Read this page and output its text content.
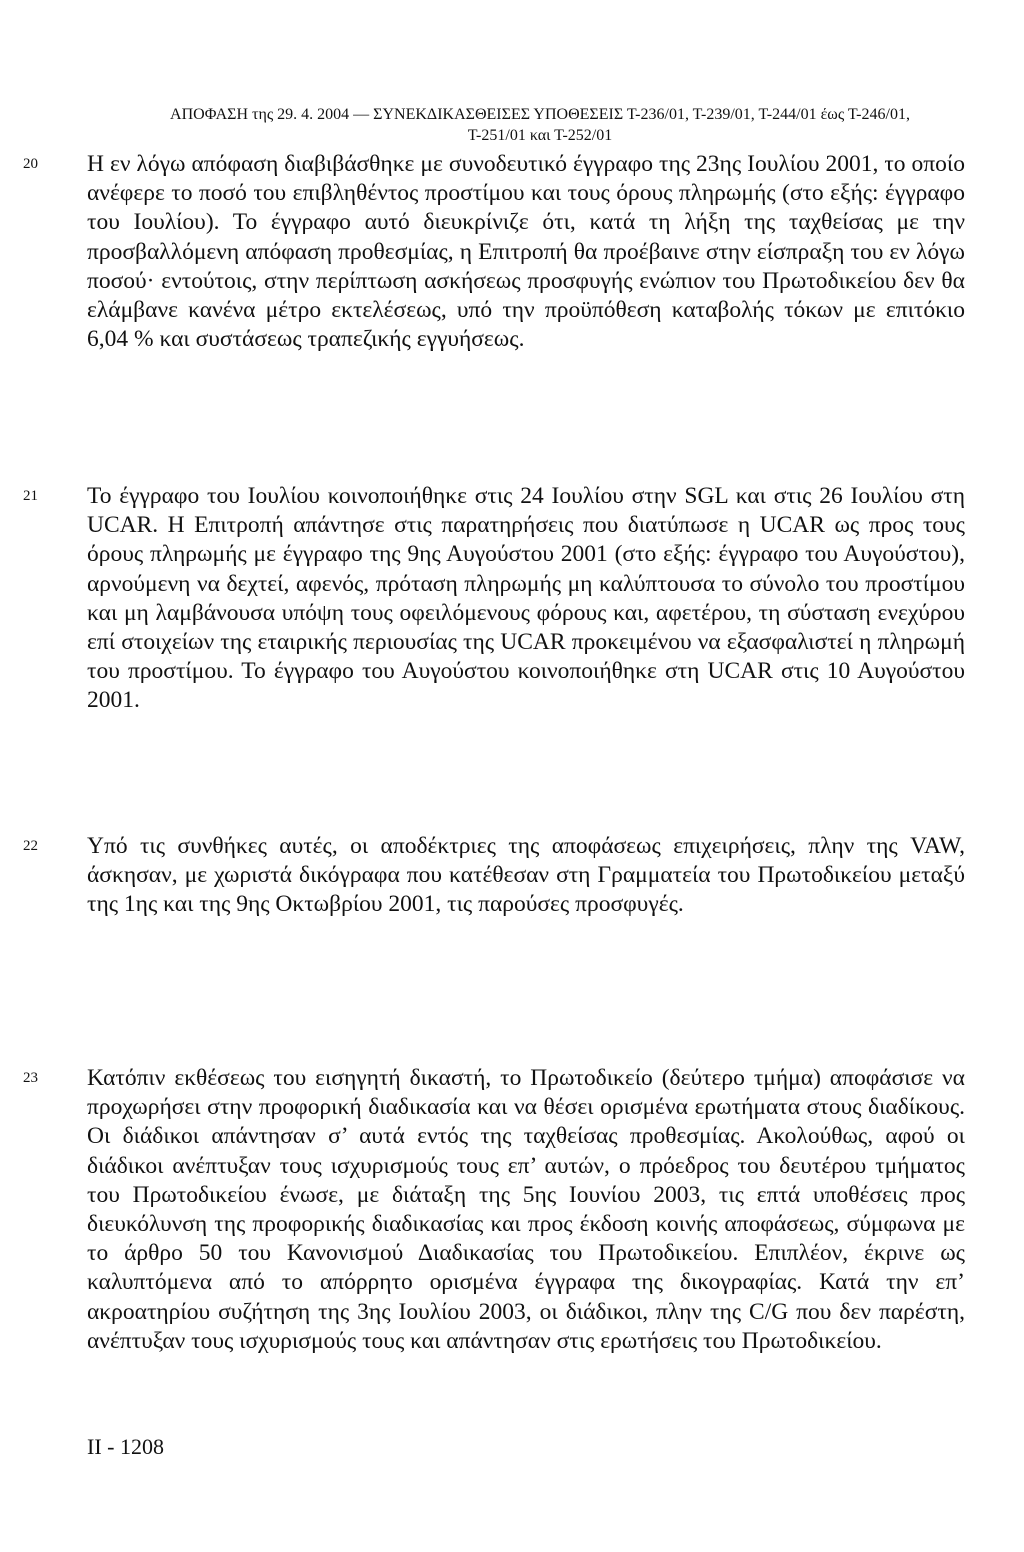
ΑΠΟΦΑΣΗ της 29. 4. 2004 — ΣΥΝΕΚΔΙΚΑΣΘΕΙΣΕΣ ΥΠΟΘΕΣΕΙΣ Τ-236/01, Τ-239/01, Τ-244/01 έως Τ-246/01,
Τ-251/01 και Τ-252/01
20 Η εν λόγω απόφαση διαβιβάσθηκε με συνοδευτικό έγγραφο της 23ης Ιουλίου 2001, το οποίο ανέφερε το ποσό του επιβληθέντος προστίμου και τους όρους πληρωμής (στο εξής: έγγραφο του Ιουλίου). Το έγγραφο αυτό διευκρίνιζε ότι, κατά τη λήξη της ταχθείσας με την προσβαλλόμενη απόφαση προθεσμίας, η Επιτροπή θα προέβαινε στην είσπραξη του εν λόγω ποσού· εντούτοις, στην περίπτωση ασκήσεως προσφυγής ενώπιον του Πρωτοδικείου δεν θα ελάμβανε κανένα μέτρο εκτελέσεως, υπό την προϋπόθεση καταβολής τόκων με επιτόκιο 6,04 % και συστάσεως τραπεζικής εγγυήσεως.
21 Το έγγραφο του Ιουλίου κοινοποιήθηκε στις 24 Ιουλίου στην SGL και στις 26 Ιουλίου στη UCAR. Η Επιτροπή απάντησε στις παρατηρήσεις που διατύπωσε η UCAR ως προς τους όρους πληρωμής με έγγραφο της 9ης Αυγούστου 2001 (στο εξής: έγγραφο του Αυγούστου), αρνούμενη να δεχτεί, αφενός, πρόταση πληρωμής μη καλύπτουσα το σύνολο του προστίμου και μη λαμβάνουσα υπόψη τους οφειλόμενους φόρους και, αφετέρου, τη σύσταση ενεχύρου επί στοιχείων της εταιρικής περιουσίας της UCAR προκειμένου να εξασφαλιστεί η πληρωμή του προστίμου. Το έγγραφο του Αυγούστου κοινοποιήθηκε στη UCAR στις 10 Αυγούστου 2001.
22 Υπό τις συνθήκες αυτές, οι αποδέκτριες της αποφάσεως επιχειρήσεις, πλην της VAW, άσκησαν, με χωριστά δικόγραφα που κατέθεσαν στη Γραμματεία του Πρωτοδικείου μεταξύ της 1ης και της 9ης Οκτωβρίου 2001, τις παρούσες προσφυγές.
23 Κατόπιν εκθέσεως του εισηγητή δικαστή, το Πρωτοδικείο (δεύτερο τμήμα) αποφάσισε να προχωρήσει στην προφορική διαδικασία και να θέσει ορισμένα ερωτήματα στους διαδίκους. Οι διάδικοι απάντησαν σ’ αυτά εντός της ταχθείσας προθεσμίας. Ακολούθως, αφού οι διάδικοι ανέπτυξαν τους ισχυρισμούς τους επ’ αυτών, ο πρόεδρος του δευτέρου τμήματος του Πρωτοδικείου ένωσε, με διάταξη της 5ης Ιουνίου 2003, τις επτά υποθέσεις προς διευκόλυνση της προφορικής διαδικασίας και προς έκδοση κοινής αποφάσεως, σύμφωνα με το άρθρο 50 του Κανονισμού Διαδικασίας του Πρωτοδικείου. Επιπλέον, έκρινε ως καλυπτόμενα από το απόρρητο ορισμένα έγγραφα της δικογραφίας. Κατά την επ’ ακροατηρίου συζήτηση της 3ης Ιουλίου 2003, οι διάδικοι, πλην της C/G που δεν παρέστη, ανέπτυξαν τους ισχυρισμούς τους και απάντησαν στις ερωτήσεις του Πρωτοδικείου.
II - 1208
